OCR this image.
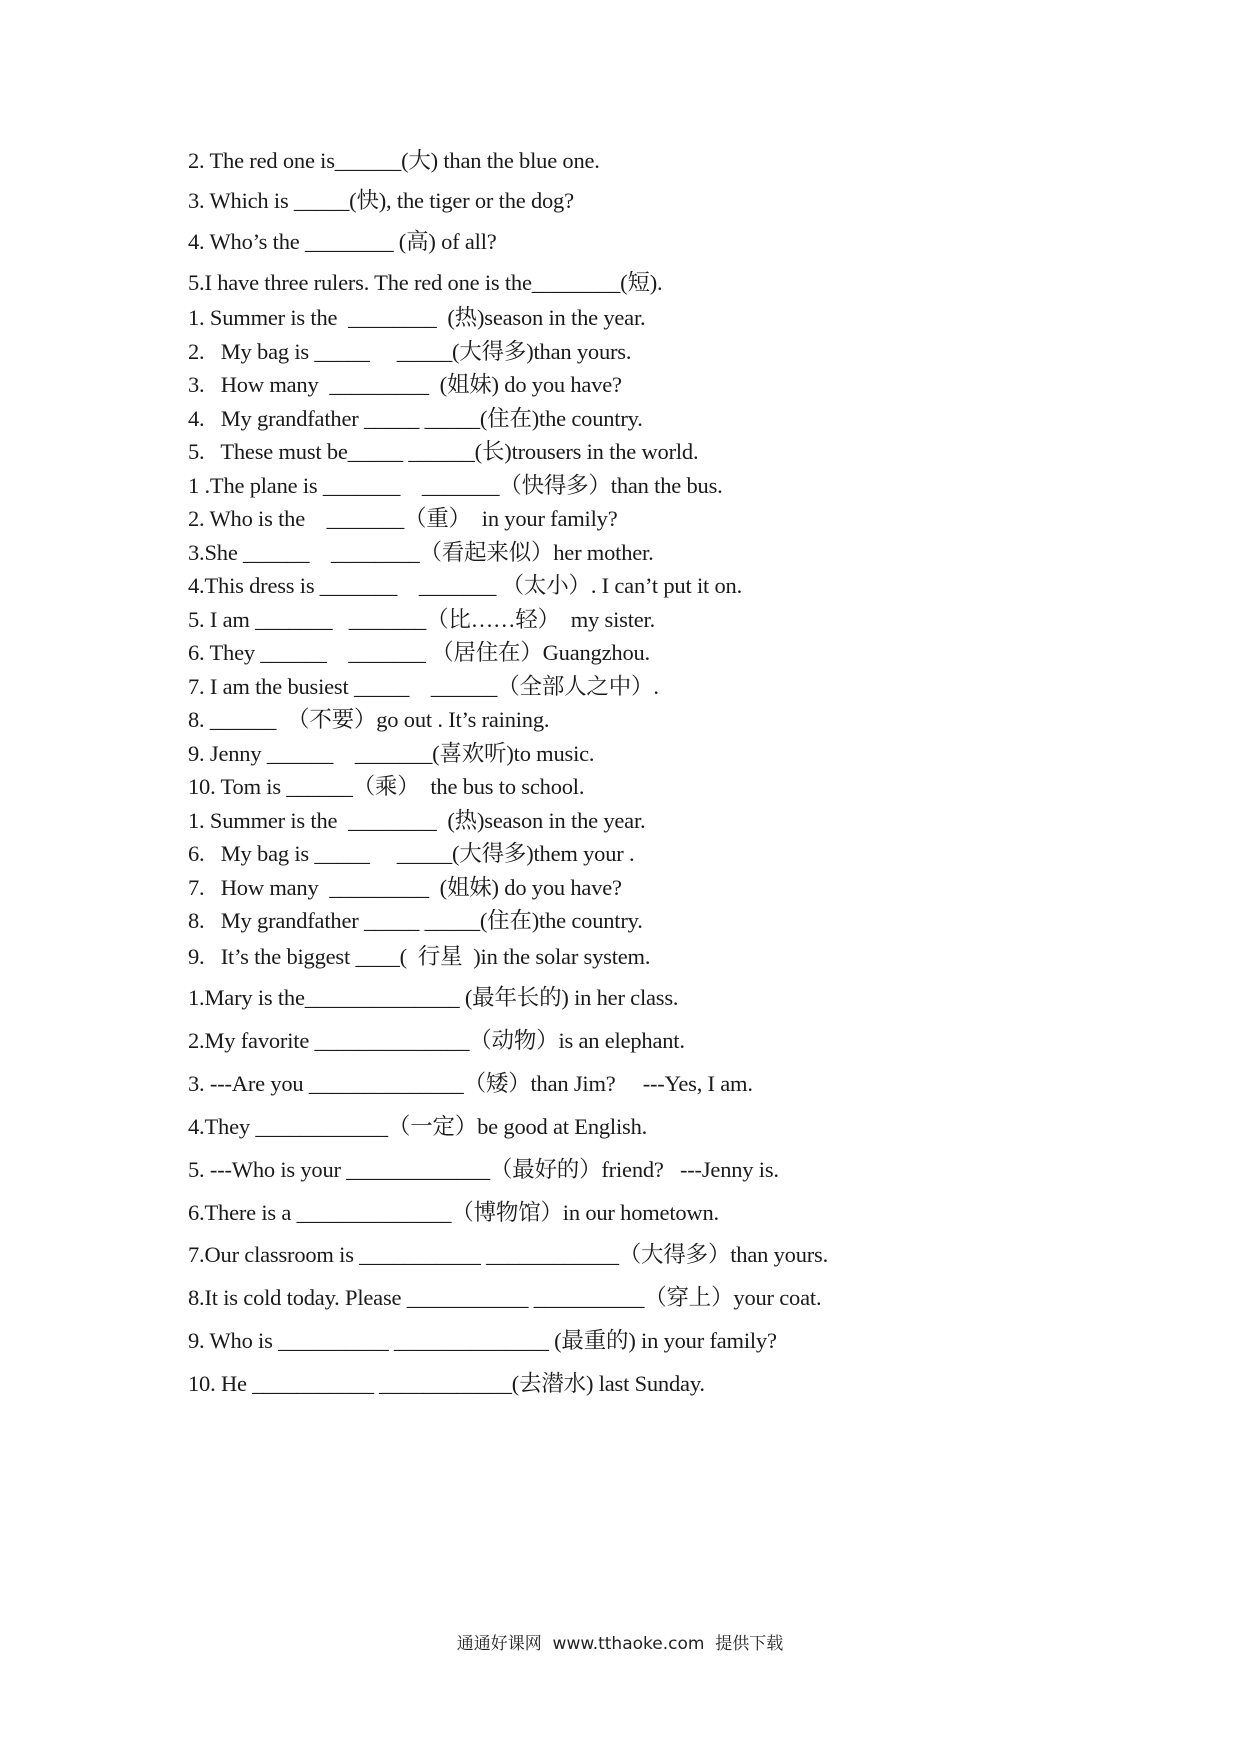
2. The red one is______(大) than the blue one.
3. Which is _____(快), the tiger or the dog?
4. Who’s the ________ (高) of all?
5.I have three rulers. The red one is the________(短).
1. Summer is the  ________  (热)season in the year.
2.   My bag is _____     _____(大得多)than yours.
3.   How many  _________  (姐妹) do you have?
4.   My grandfather _____ _____(住在)the country.
5.   These must be_____ ______(长)trousers in the world.
1 .The plane is _______    _______（快得多）than the bus.
2. Who is the    _______（重）  in your family?
3.She ______    ________（看起来似）her mother.
4.This dress is _______    _______ （太小）. I can’t put it on.
5. I am _______   _______（比……轻）  my sister.
6. They ______    _______ （居住在）Guangzhou.
7. I am the busiest _____    ______（全部人之中）.
8. ______  （不要）go out . It’s raining.
9. Jenny ______    _______(喜欢听)to music.
10. Tom is ______（乘）  the bus to school.
1. Summer is the  ________  (热)season in the year.
6.   My bag is _____     _____(大得多)them your .
7.   How many  _________  (姐妹) do you have?
8.   My grandfather _____ _____(住在)the country.
9.   It’s the biggest ____(  行星  )in the solar system.
1.Mary is the______________ (最年长的) in her class.
2.My favorite ______________（动物）is an elephant.
3. ---Are you ______________（矮）than Jim?     ---Yes, I am.
4.They ____________（一定）be good at English.
5. ---Who is your _____________（最好的）friend?   ---Jenny is.
6.There is a ______________（博物馆）in our hometown.
7.Our classroom is ___________ ____________（大得多）than yours.
8.It is cold today. Please ___________ __________（穿上）your coat.
9. Who is __________ ______________ (最重的) in your family?
10. He ___________ ____________(去潜水) last Sunday.
通通好课网  www.tthaoke.com  提供下载
